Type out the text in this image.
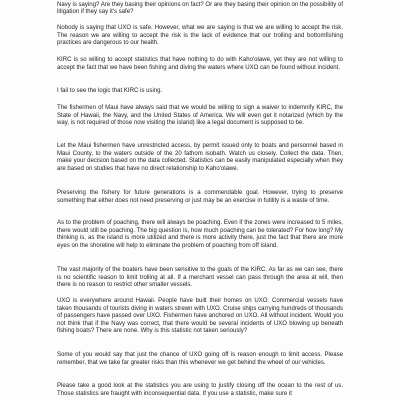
Navy is saying? Are they basing their opinions on fact? Or are they basing their opinion on the possibility of litigation if they say it's safe?

Nobody is saying that UXO is safe. However, what we are saying is that we are willing to accept the risk. The reason we are willing to accept the risk is the lack of evidence that our trolling and bottomfishing practices are dangerous to our health.

KIRC is so willing to accept statistics that have nothing to do with Kaho'olawe, yet they are not willing to accept the fact that we have been fishing and diving the waters where UXO can be found without incident.

I fail to see the logic that KIRC is using.

The fishermen of Maui have always said that we would be willing to sign a waiver to indemnify KIRC, the State of Hawaii, the Navy, and the United States of America. We will even get it notarized (which by the way, is not required of those now visiting the island) like a legal document is supposed to be.

Let the Maui fishermen have unrestricted access, by permit issued only to boats and personnel based in Maui County, to the waters outside of the 20 fathom isobath. Watch us closely. Collect the data. Then, make your decision based on the data collected. Statistics can be easily manipulated especially when they are based on studies that have no direct relationship to Kaho'olawe.

Preserving the fishery for future generations is a commendable goal. However, trying to preserve something that either does not need preserving or just may be an exercise in futility is a waste of time.

As to the problem of poaching, there will always be poaching. Even if the zones were increased to 5 miles, there would still be poaching. The big question is, how much poaching can be tolerated? For how long? My thinking is, as the island is more utilized and there is more activity there, just the fact that there are more eyes on the shoreline will help to eliminate the problem of poaching from off island.

The vast majority of the boaters have been sensitive to the goals of the KIRC. As far as we can see, there is no scientific reason to limit trolling at all. If a merchant vessel can pass through the area at will, then there is no reason to restrict other smaller vessels.

UXO is everywhere around Hawaii. People have built their homes on UXO. Commercial vessels have taken thousands of tourists diving in waters strewn with UXO. Cruise ships carrying hundreds of thousands of passengers have passed over UXO. Fishermen have anchored on UXO. All without incident. Would you not think that if the Navy was correct, that there would be several incidents of UXO blowing up beneath fishing boats? There are none. Why is this statistic not taken seriously?

Some of you would say that just the chance of UXO going off is reason enough to limit access. Please remember, that we take far greater risks than this whenever we get behind the wheel of our vehicles.

Please take a good look at the statistics you are using to justify closing off the ocean to the rest of us. Those statistics are fraught with inconsequential data. If you use a statistic, make sure it
